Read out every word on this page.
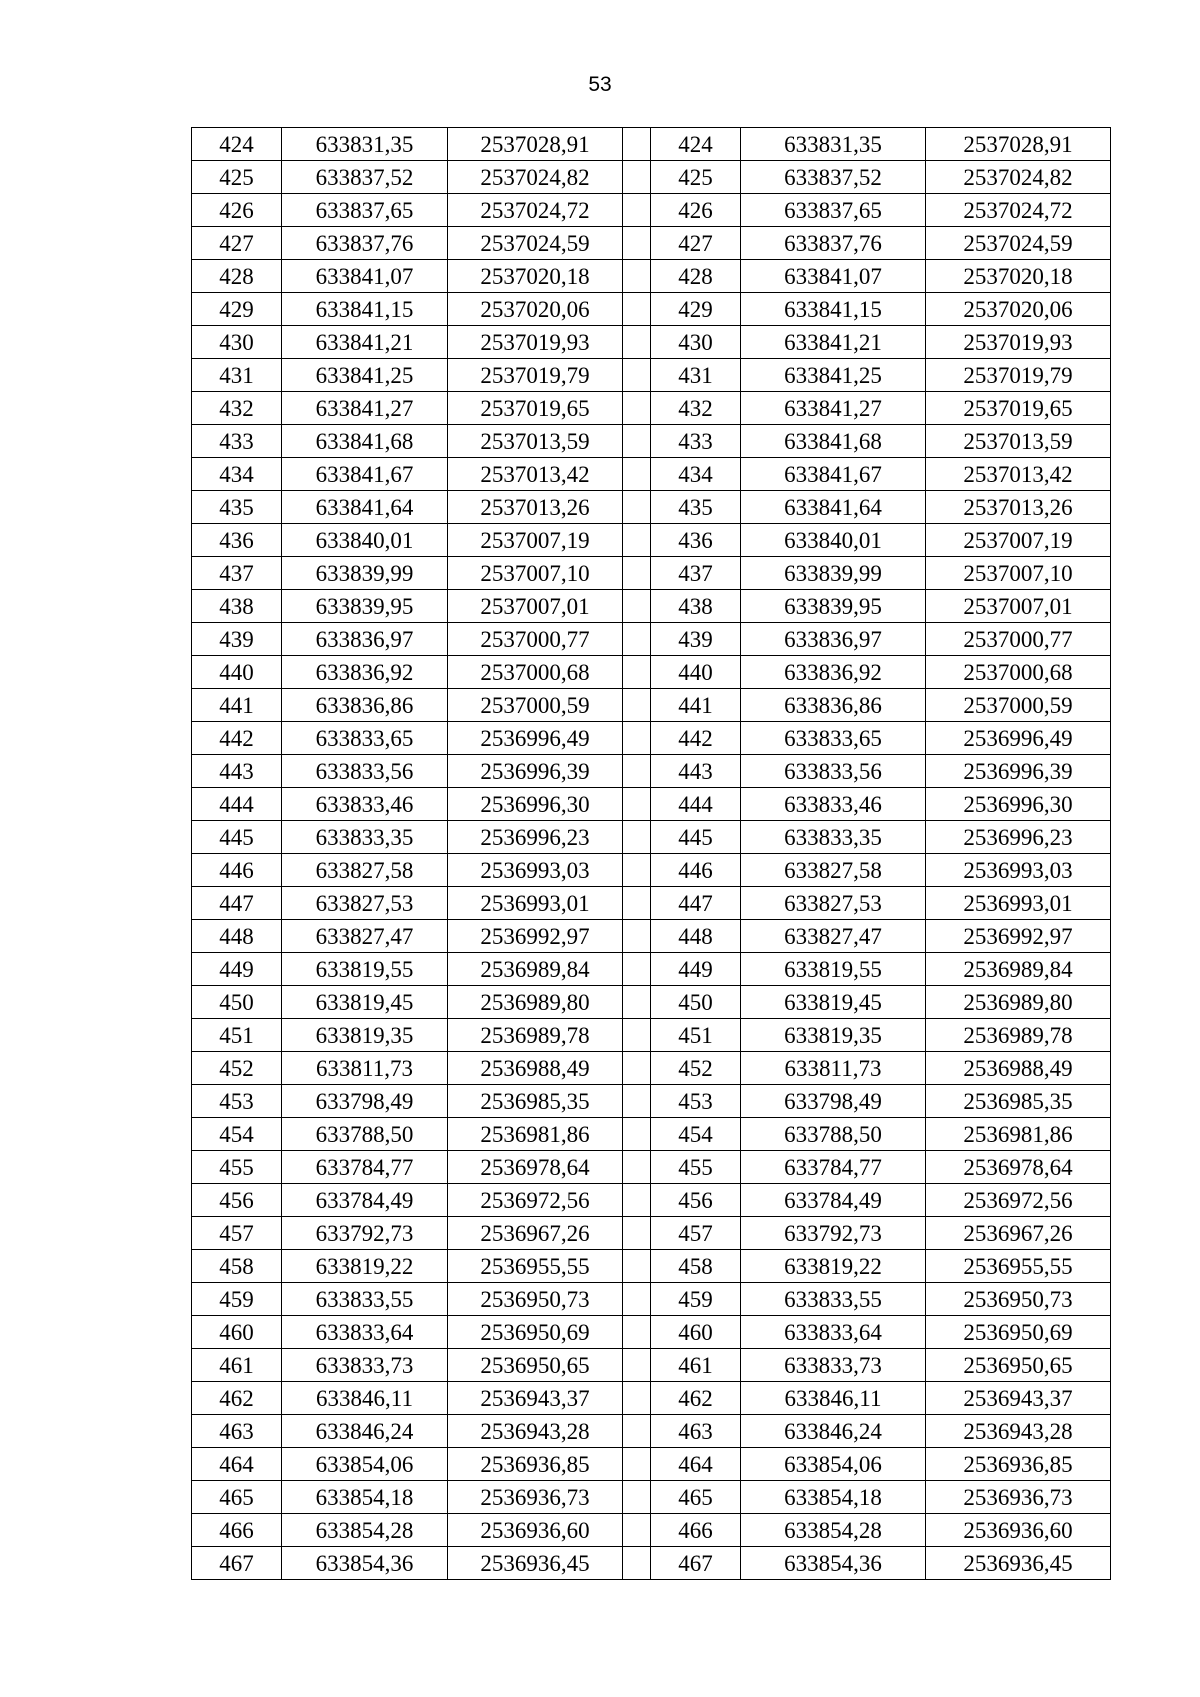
53
424	633831,35	2537028,91		424	633831,35	2537028,91
425	633837,52	2537024,82		425	633837,52	2537024,82
426	633837,65	2537024,72		426	633837,65	2537024,72
427	633837,76	2537024,59		427	633837,76	2537024,59
428	633841,07	2537020,18		428	633841,07	2537020,18
429	633841,15	2537020,06		429	633841,15	2537020,06
430	633841,21	2537019,93		430	633841,21	2537019,93
431	633841,25	2537019,79		431	633841,25	2537019,79
432	633841,27	2537019,65		432	633841,27	2537019,65
433	633841,68	2537013,59		433	633841,68	2537013,59
434	633841,67	2537013,42		434	633841,67	2537013,42
435	633841,64	2537013,26		435	633841,64	2537013,26
436	633840,01	2537007,19		436	633840,01	2537007,19
437	633839,99	2537007,10		437	633839,99	2537007,10
438	633839,95	2537007,01		438	633839,95	2537007,01
439	633836,97	2537000,77		439	633836,97	2537000,77
440	633836,92	2537000,68		440	633836,92	2537000,68
441	633836,86	2537000,59		441	633836,86	2537000,59
442	633833,65	2536996,49		442	633833,65	2536996,49
443	633833,56	2536996,39		443	633833,56	2536996,39
444	633833,46	2536996,30		444	633833,46	2536996,30
445	633833,35	2536996,23		445	633833,35	2536996,23
446	633827,58	2536993,03		446	633827,58	2536993,03
447	633827,53	2536993,01		447	633827,53	2536993,01
448	633827,47	2536992,97		448	633827,47	2536992,97
449	633819,55	2536989,84		449	633819,55	2536989,84
450	633819,45	2536989,80		450	633819,45	2536989,80
451	633819,35	2536989,78		451	633819,35	2536989,78
452	633811,73	2536988,49		452	633811,73	2536988,49
453	633798,49	2536985,35		453	633798,49	2536985,35
454	633788,50	2536981,86		454	633788,50	2536981,86
455	633784,77	2536978,64		455	633784,77	2536978,64
456	633784,49	2536972,56		456	633784,49	2536972,56
457	633792,73	2536967,26		457	633792,73	2536967,26
458	633819,22	2536955,55		458	633819,22	2536955,55
459	633833,55	2536950,73		459	633833,55	2536950,73
460	633833,64	2536950,69		460	633833,64	2536950,69
461	633833,73	2536950,65		461	633833,73	2536950,65
462	633846,11	2536943,37		462	633846,11	2536943,37
463	633846,24	2536943,28		463	633846,24	2536943,28
464	633854,06	2536936,85		464	633854,06	2536936,85
465	633854,18	2536936,73		465	633854,18	2536936,73
466	633854,28	2536936,60		466	633854,28	2536936,60
467	633854,36	2536936,45		467	633854,36	2536936,45
